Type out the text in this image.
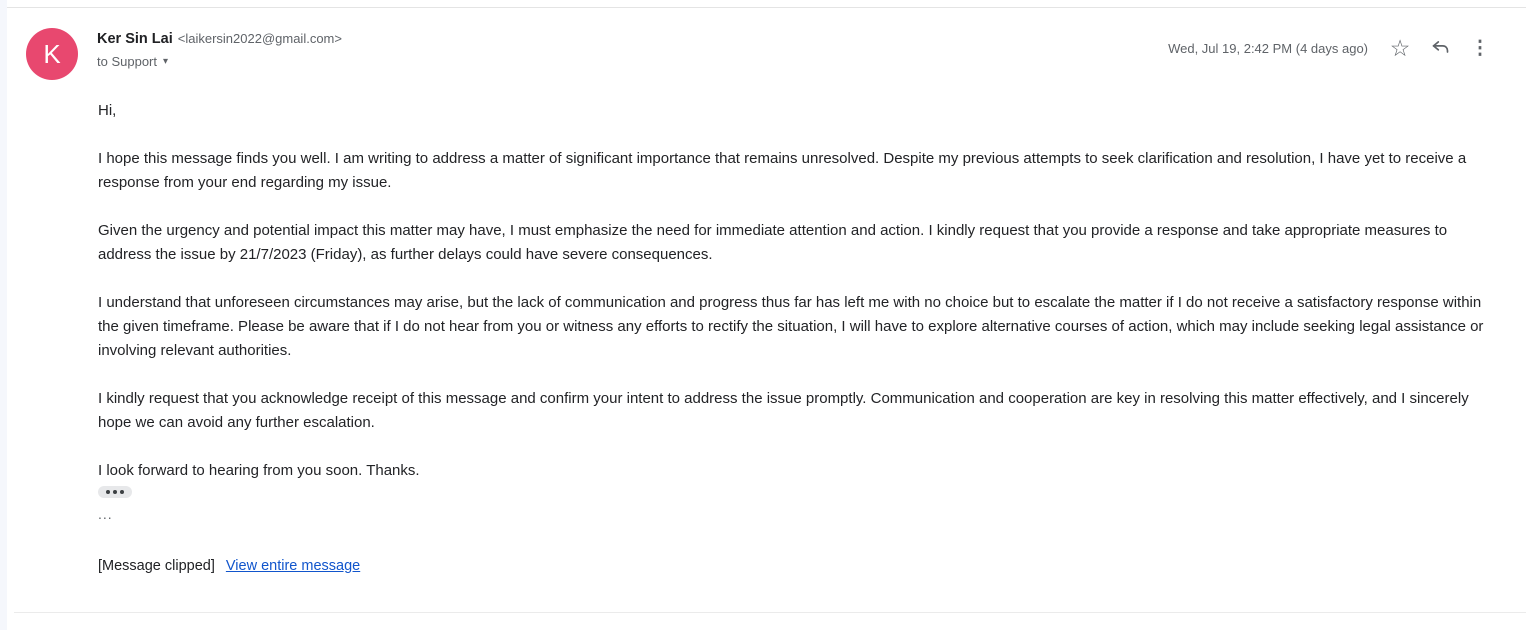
K	Ker Sin Lai <laikersin2022@gmail.com>
to Support ▾
Wed, Jul 19, 2:42 PM (4 days ago) ☆	⋮

Hi,

I hope this message finds you well. I am writing to address a matter of significant importance that remains unresolved. Despite my previous attempts to seek clarification and resolution, I have yet to receive a response from your end regarding my issue.

Given the urgency and potential impact this matter may have, I must emphasize the need for immediate attention and action. I kindly request that you provide a response and take appropriate measures to address the issue by 21/7/2023 (Friday), as further delays could have severe consequences.

I understand that unforeseen circumstances may arise, but the lack of communication and progress thus far has left me with no choice but to escalate the matter if I do not receive a satisfactory response within the given timeframe. Please be aware that if I do not hear from you or witness any efforts to rectify the situation, I will have to explore alternative courses of action, which may include seeking legal assistance or involving relevant authorities.

I kindly request that you acknowledge receipt of this message and confirm your intent to address the issue promptly. Communication and cooperation are key in resolving this matter effectively, and I sincerely hope we can avoid any further escalation.

I look forward to hearing from you soon. Thanks.

...
[Message clipped] View entire message
